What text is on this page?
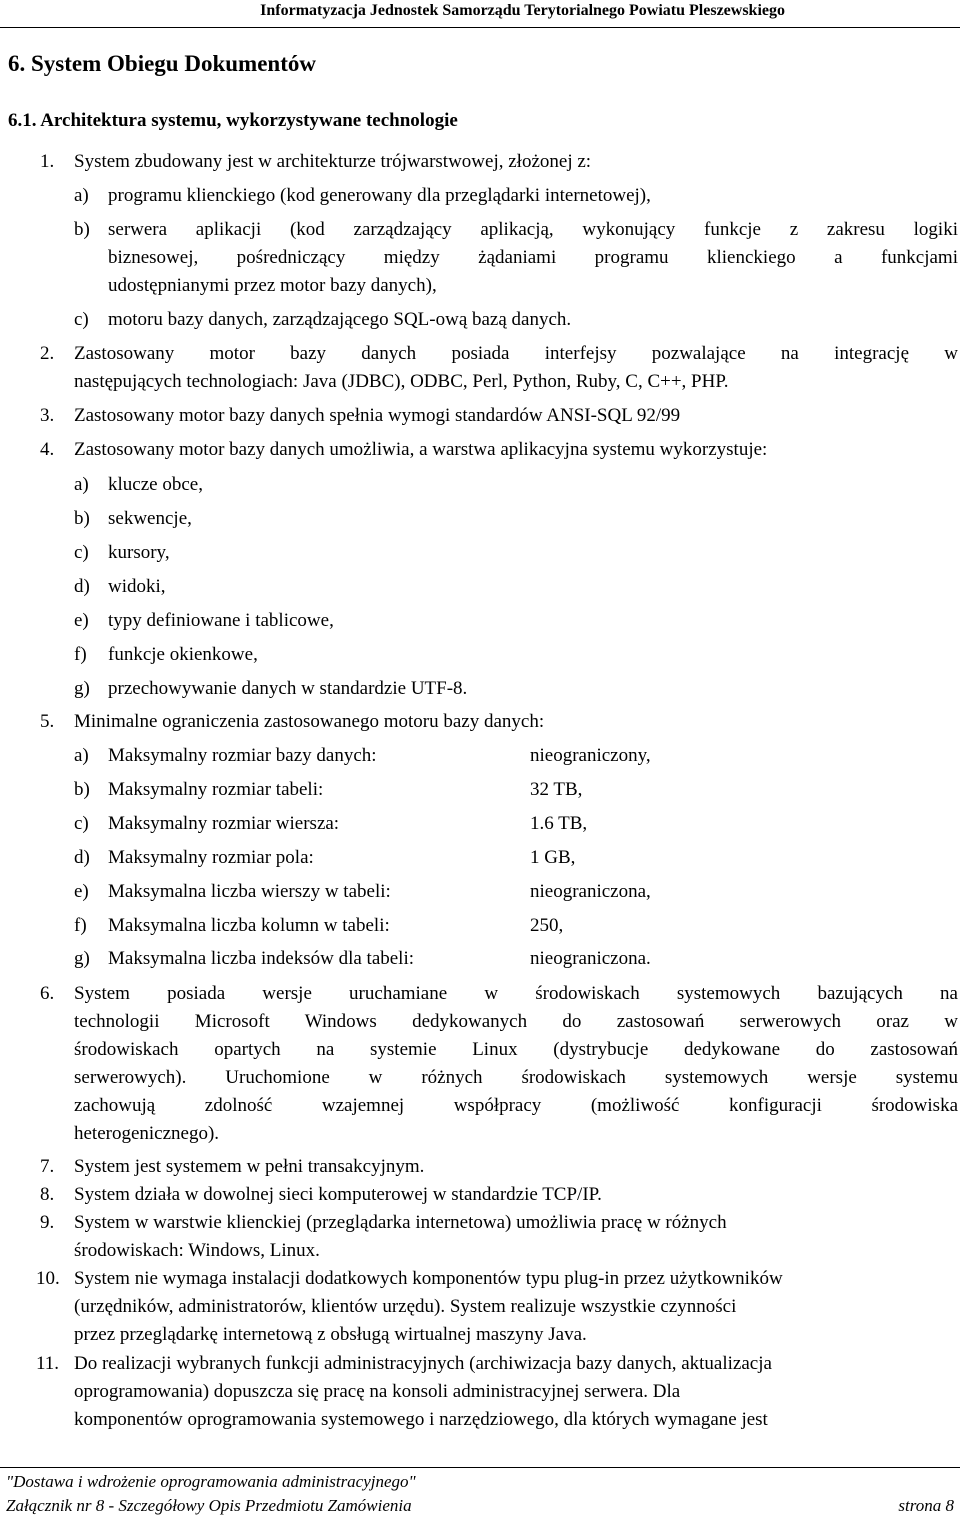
Informatyzacja Jednostek Samorządu Terytorialnego Powiatu Pleszewskiego
6. System Obiegu Dokumentów
6.1. Architektura systemu, wykorzystywane technologie
1. System zbudowany jest w architekturze trójwarstwowej, złożonej z:
a) programu klienckiego (kod generowany dla przeglądarki internetowej),
b) serwera aplikacji (kod zarządzający aplikacją, wykonujący funkcje z zakresu logiki
biznesowej, pośredniczący między żądaniami programu klienckiego a funkcjami
udostępnianymi przez motor bazy danych),
c) motoru bazy danych, zarządzającego SQL-ową bazą danych.
2. Zastosowany motor bazy danych posiada interfejsy pozwalające na integrację w
następujących technologiach: Java (JDBC), ODBC, Perl, Python, Ruby, C, C++, PHP.
3. Zastosowany motor bazy danych spełnia wymogi standardów ANSI-SQL 92/99
4. Zastosowany motor bazy danych umożliwia, a warstwa aplikacyjna systemu wykorzystuje:
a) klucze obce,
b) sekwencje,
c) kursory,
d) widoki,
e) typy definiowane i tablicowe,
f) funkcje okienkowe,
g) przechowywanie danych w standardzie UTF-8.
5. Minimalne ograniczenia zastosowanego motoru bazy danych:
a) Maksymalny rozmiar bazy danych:	nieograniczony,
b) Maksymalny rozmiar tabeli:	32 TB,
c) Maksymalny rozmiar wiersza:	1.6 TB,
d) Maksymalny rozmiar pola:	1 GB,
e) Maksymalna liczba wierszy w tabeli:	nieograniczona,
f) Maksymalna liczba kolumn w tabeli:	250,
g) Maksymalna liczba indeksów dla tabeli:	nieograniczona.
6. System posiada wersje uruchamiane w środowiskach systemowych bazujących na
technologii Microsoft Windows dedykowanych do zastosowań serwerowych oraz w
środowiskach opartych na systemie Linux (dystrybucje dedykowane do zastosowań
serwerowych). Uruchomione w różnych środowiskach systemowych wersje systemu
zachowują zdolność wzajemnej współpracy (możliwość konfiguracji środowiska
heterogenicznego).
7. System jest systemem w pełni transakcyjnym.
8. System działa w dowolnej sieci komputerowej w standardzie TCP/IP.
9. System w warstwie klienckiej (przeglądarka internetowa) umożliwia pracę w różnych
środowiskach: Windows, Linux.
10. System nie wymaga instalacji dodatkowych komponentów typu plug-in przez użytkowników
(urzędników, administratorów, klientów urzędu). System realizuje wszystkie czynności
przez przeglądarkę internetową z obsługą wirtualnej maszyny Java.
11. Do realizacji wybranych funkcji administracyjnych (archiwizacja bazy danych, aktualizacja
oprogramowania) dopuszcza się pracę na konsoli administracyjnej serwera. Dla
komponentów oprogramowania systemowego i narzędziowego, dla których wymagane jest
"Dostawa i wdrożenie oprogramowania administracyjnego"
Załącznik nr 8 - Szczegółowy Opis Przedmiotu Zamówienia	strona 8
